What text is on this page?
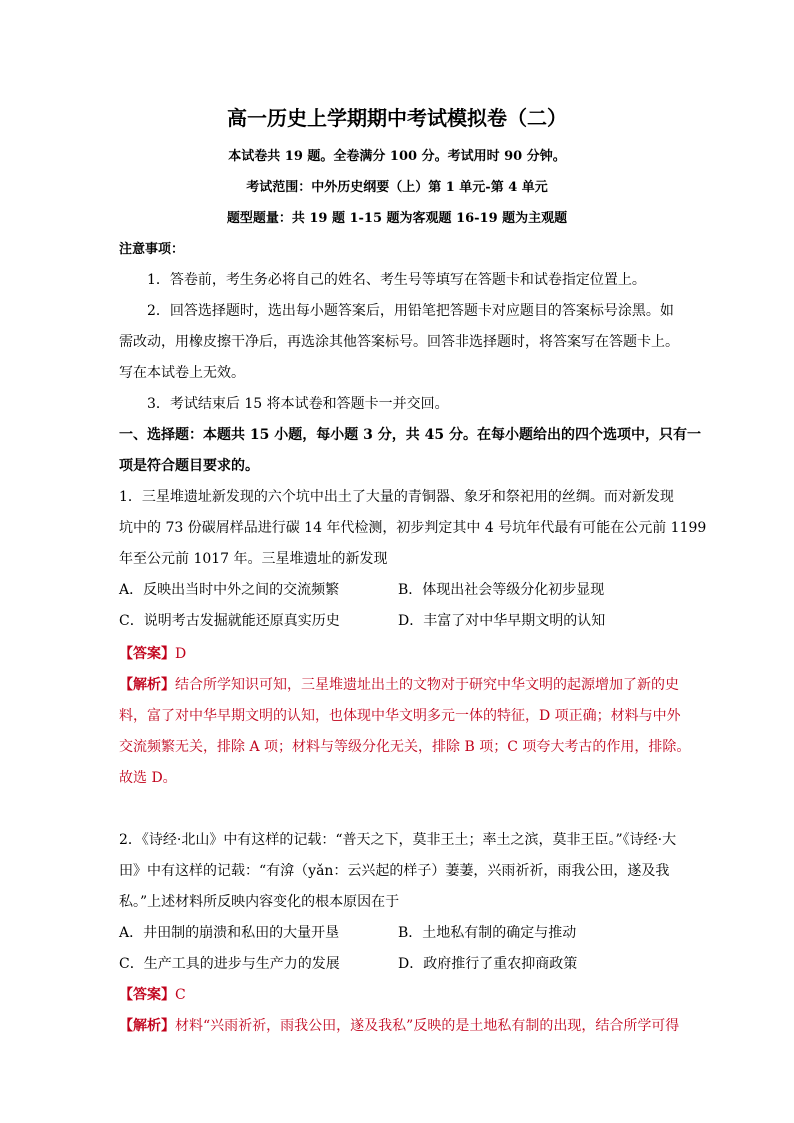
高一历史上学期期中考试模拟卷（二）
本试卷共 19 题。全卷满分 100 分。考试用时 90 分钟。
考试范围：中外历史纲要（上）第 1 单元-第 4 单元
题型题量：共 19 题 1-15 题为客观题 16-19 题为主观题
注意事项：
1．答卷前，考生务必将自己的姓名、考生号等填写在答题卡和试卷指定位置上。
2．回答选择题时，选出每小题答案后，用铅笔把答题卡对应题目的答案标号涂黑。如
需改动，用橡皮擦干净后，再选涂其他答案标号。回答非选择题时，将答案写在答题卡上。
写在本试卷上无效。
3．考试结束后 15 将本试卷和答题卡一并交回。
一、选择题：本题共 15 小题，每小题 3 分，共 45 分。在每小题给出的四个选项中，只有一
项是符合题目要求的。
1．三星堆遗址新发现的六个坑中出土了大量的青铜器、象牙和祭祀用的丝绸。而对新发现
坑中的 73 份碳屑样品进行碳 14 年代检测，初步判定其中 4 号坑年代最有可能在公元前 1199
年至公元前 1017 年。三星堆遗址的新发现
A．反映出当时中外之间的交流频繁	B．体现出社会等级分化初步显现
C．说明考古发掘就能还原真实历史	D．丰富了对中华早期文明的认知
【答案】D
【解析】结合所学知识可知，三星堆遗址出土的文物对于研究中华文明的起源增加了新的史
料，富了对中华早期文明的认知，也体现中华文明多元一体的特征，D 项正确；材料与中外
交流频繁无关，排除 A 项；材料与等级分化无关，排除 B 项；C 项夸大考古的作用，排除。
故选 D。
2．《诗经·北山》中有这样的记载：“普天之下，莫非王土；率土之滨，莫非王臣。”《诗经·大
田》中有这样的记载：“有渰（yǎn：云兴起的样子）萋萋，兴雨祈祈，雨我公田，遂及我
私。”上述材料所反映内容变化的根本原因在于
A．井田制的崩溃和私田的大量开垦	B．土地私有制的确定与推动
C．生产工具的进步与生产力的发展	D．政府推行了重农抑商政策
【答案】C
【解析】材料“兴雨祈祈，雨我公田，遂及我私”反映的是土地私有制的出现，结合所学可得
